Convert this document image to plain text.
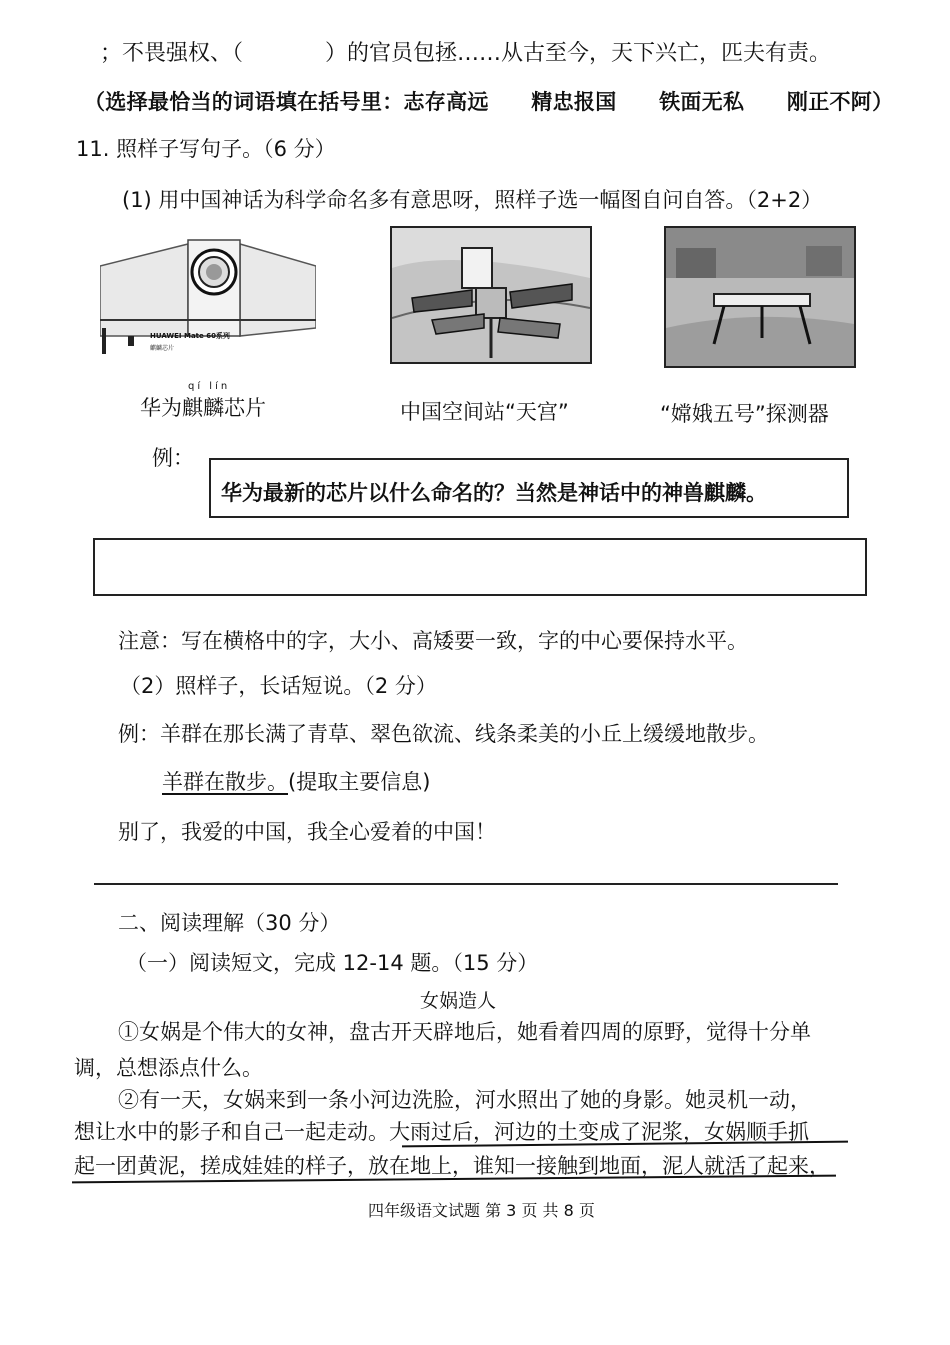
；不畏强权、（	）的官员包拯……从古至今，天下兴亡，匹夫有责。
（选择最恰当的词语填在括号里：志存高远　　精忠报国　　铁面无私　　刚正不阿）
11. 照样子写句子。（6 分）
(1) 用中国神话为科学命名多有意思呀，照样子选一幅图自问自答。（2+2）
HUAWEI Mate 60系列
麒麟芯片
华为麒麟芯片
qí lín
中国空间站“天宫”	“嫦娥五号”探测器
例：
华为最新的芯片以什么命名的？当然是神话中的神兽麒麟。
注意：写在横格中的字，大小、高矮要一致，字的中心要保持水平。
（2）照样子，长话短说。（2 分）
例：羊群在那长满了青草、翠色欲流、线条柔美的小丘上缓缓地散步。
羊群在散步。(提取主要信息)
别了，我爱的中国，我全心爱着的中国！
二、阅读理解（30 分）
（一）阅读短文，完成 12-14 题。（15 分）
女娲造人
①女娲是个伟大的女神，盘古开天辟地后，她看着四周的原野，觉得十分单
调，总想添点什么。
②有一天，女娲来到一条小河边洗脸，河水照出了她的身影。她灵机一动，
想让水中的影子和自己一起走动。大雨过后，河边的土变成了泥浆，女娲顺手抓
起一团黄泥，搓成娃娃的样子，放在地上，谁知一接触到地面，泥人就活了起来，
四年级语文试题 第 3 页 共 8 页
